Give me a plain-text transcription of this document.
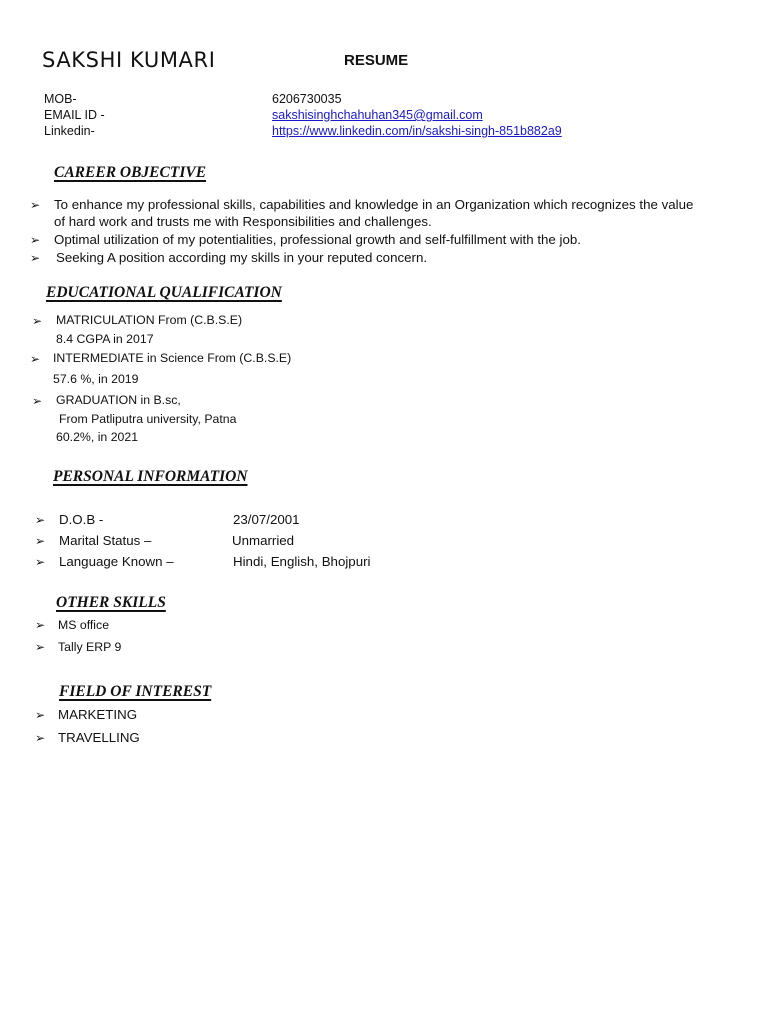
SAKSHI KUMARI	RESUME
MOB-	6206730035
EMAIL ID -	sakshisinghchahuhan345@gmail.com
Linkedin-	https://www.linkedin.com/in/sakshi-singh-851b882a9
CAREER OBJECTIVE
➢ To enhance my professional skills, capabilities and knowledge in an Organization which recognizes the value
of hard work and trusts me with Responsibilities and challenges.
➢ Optimal utilization of my potentialities, professional growth and self-fulfillment with the job.
➢ Seeking A position according my skills in your reputed concern.
EDUCATIONAL QUALIFICATION
➢ MATRICULATION From (C.B.S.E)
8.4 CGPA in 2017
➢ INTERMEDIATE in Science From (C.B.S.E)
57.6 %, in 2019
➢ GRADUATION in B.sc,
From Patliputra university, Patna
60.2%, in 2021
PERSONAL INFORMATION
➢ D.O.B -	23/07/2001
➢ Marital Status –	Unmarried
➢ Language Known –	Hindi, English, Bhojpuri
OTHER SKILLS
➢ MS office
➢ Tally ERP 9
FIELD OF INTEREST
➢ MARKETING
➢ TRAVELLING
